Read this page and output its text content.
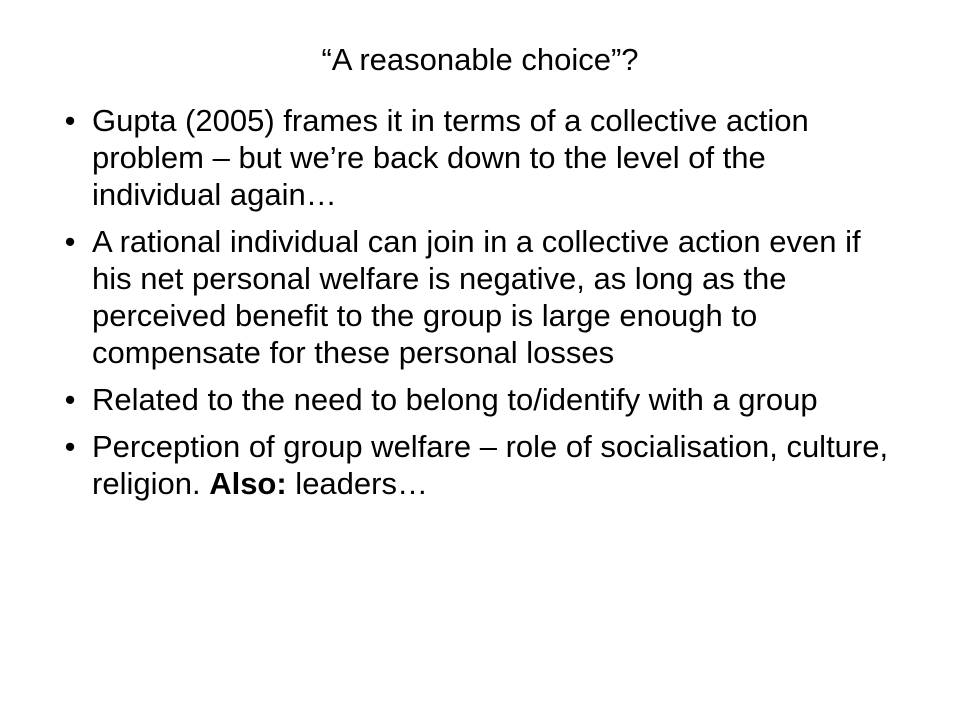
“A reasonable choice”?
• Gupta (2005) frames it in terms of a collective action problem – but we’re back down to the level of the individual again…
• A rational individual can join in a collective action even if his net personal welfare is negative, as long as the perceived benefit to the group is large enough to compensate for these personal losses
• Related to the need to belong to/identify with a group
• Perception of group welfare – role of socialisation, culture, religion. Also: leaders…
